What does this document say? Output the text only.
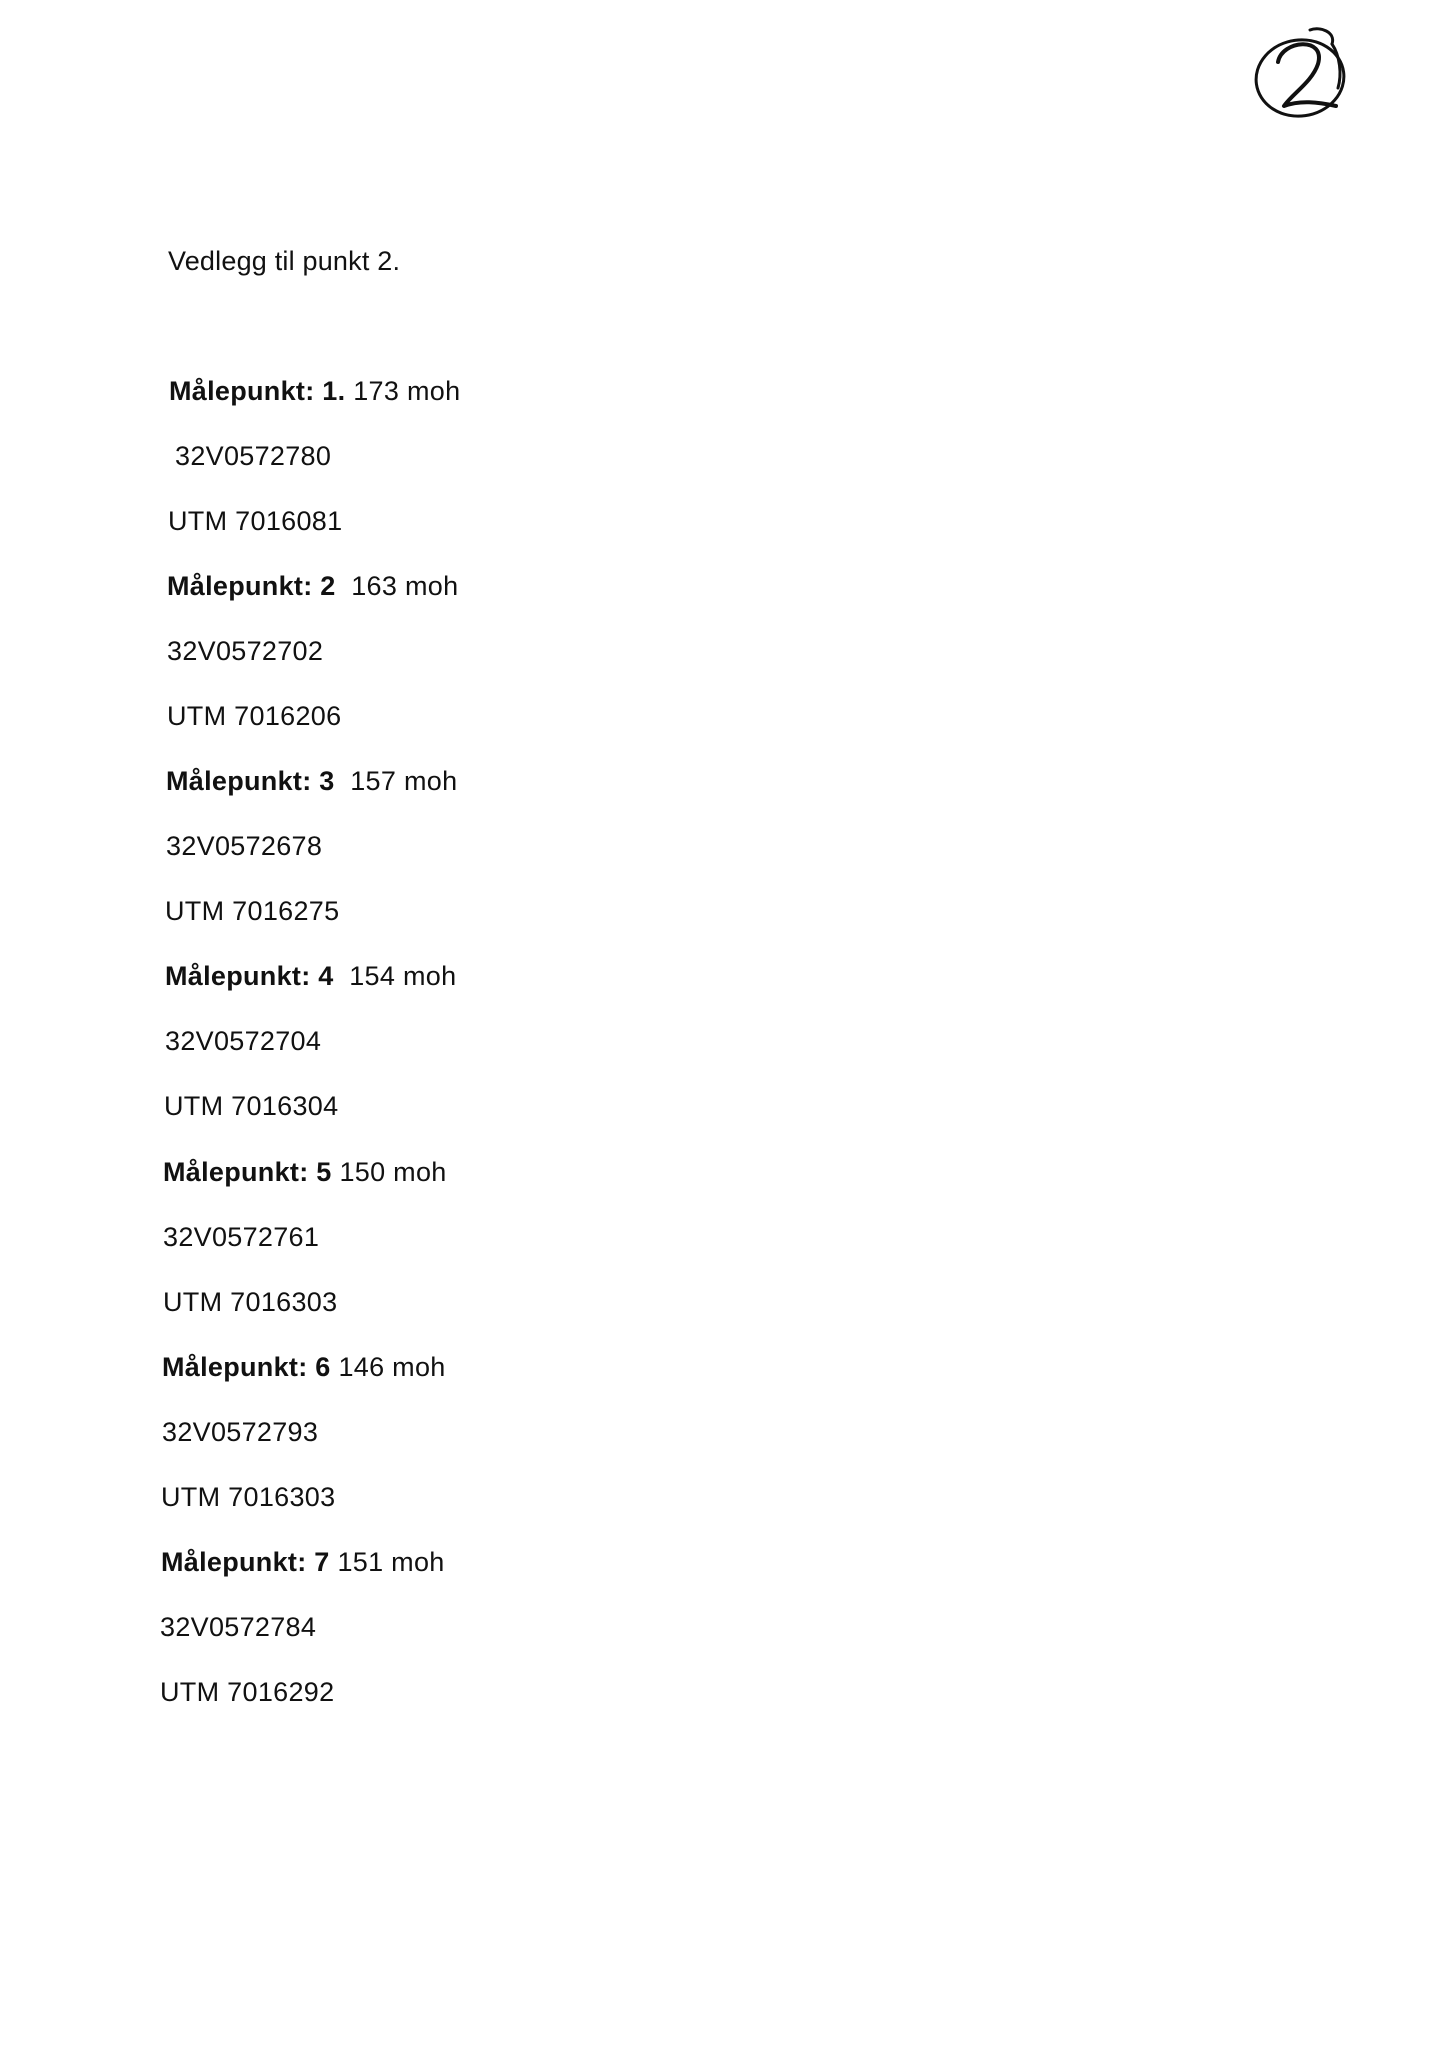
Vedlegg til punkt 2.
Målepunkt: 1. 173 moh
32V0572780
UTM 7016081
Målepunkt: 2 163 moh
32V0572702
UTM 7016206
Målepunkt: 3 157 moh
32V0572678
UTM 7016275
Målepunkt: 4 154 moh
32V0572704
UTM 7016304
Målepunkt: 5 150 moh
32V0572761
UTM 7016303
Målepunkt: 6 146 moh
32V0572793
UTM 7016303
Målepunkt: 7 151 moh
32V0572784
UTM 7016292
